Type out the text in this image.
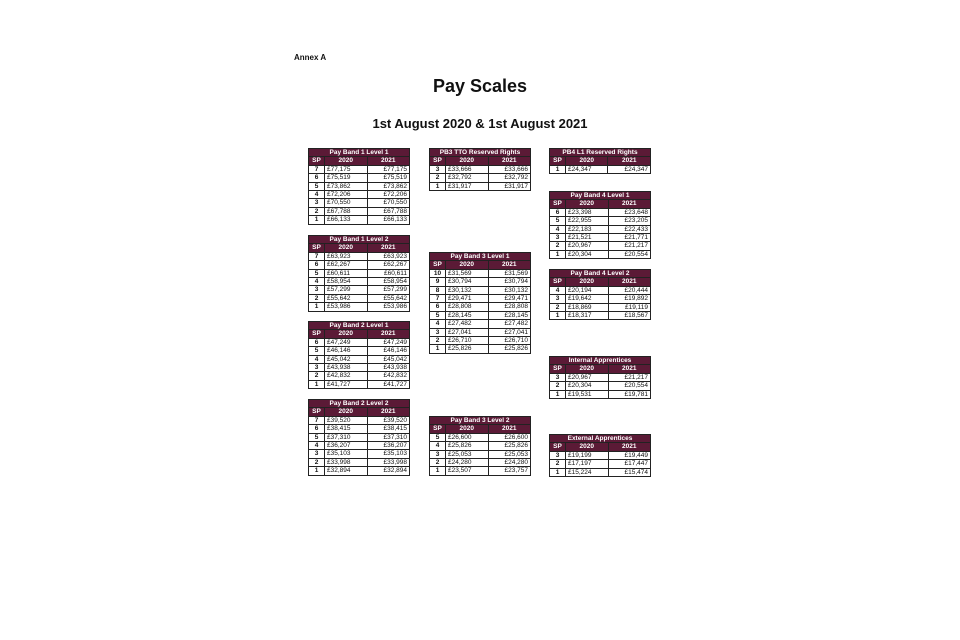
Annex A
Pay Scales
1st August 2020 & 1st August 2021
Pay Band 1 Level 1		
SP	2020	2021
7	£77,175	£77,175
6	£75,519	£75,519
5	£73,862	£73,862
4	£72,206	£72,206
3	£70,550	£70,550
2	£67,788	£67,788
1	£66,133	£66,133
Pay Band 1 Level 2		
SP	2020	2021
7	£63,923	£63,923
6	£62,267	£62,267
5	£60,611	£60,611
4	£58,954	£58,954
3	£57,299	£57,299
2	£55,642	£55,642
1	£53,986	£53,986
Pay Band 2 Level 1		
SP	2020	2021
6	£47,249	£47,249
5	£46,146	£46,146
4	£45,042	£45,042
3	£43,938	£43,938
2	£42,832	£42,832
1	£41,727	£41,727
Pay Band 2 Level 2		
SP	2020	2021
7	£39,520	£39,520
6	£38,415	£38,415
5	£37,310	£37,310
4	£36,207	£36,207
3	£35,103	£35,103
2	£33,998	£33,998
1	£32,894	£32,894
PB3 TTO Reserved Rights		
SP	2020	2021
3	£33,666	£33,666
2	£32,792	£32,792
1	£31,917	£31,917
Pay Band 3 Level 1		
SP	2020	2021
10	£31,569	£31,569
9	£30,794	£30,794
8	£30,132	£30,132
7	£29,471	£29,471
6	£28,808	£28,808
5	£28,145	£28,145
4	£27,482	£27,482
3	£27,041	£27,041
2	£26,710	£26,710
1	£25,826	£25,826
Pay Band 3 Level 2		
SP	2020	2021
5	£26,600	£26,600
4	£25,826	£25,826
3	£25,053	£25,053
2	£24,280	£24,280
1	£23,507	£23,757
PB4 L1 Reserved Rights		
SP	2020	2021
1	£24,347	£24,347
Pay Band 4 Level 1		
SP	2020	2021
6	£23,398	£23,648
5	£22,955	£23,205
4	£22,183	£22,433
3	£21,521	£21,771
2	£20,967	£21,217
1	£20,304	£20,554
Pay Band 4 Level 2		
SP	2020	2021
4	£20,194	£20,444
3	£19,642	£19,892
2	£18,869	£19,119
1	£18,317	£18,567
Internal Apprentices		
SP	2020	2021
3	£20,967	£21,217
2	£20,304	£20,554
1	£19,531	£19,781
External Apprentices		
SP	2020	2021
3	£19,199	£19,449
2	£17,197	£17,447
1	£15,224	£15,474
